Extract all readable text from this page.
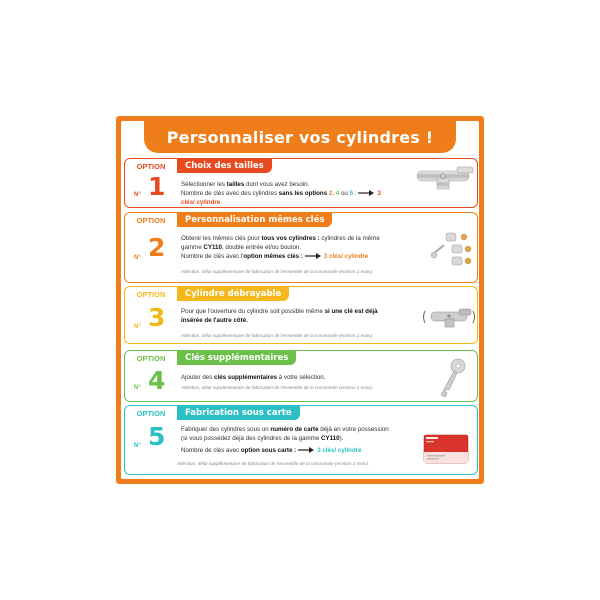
Personnaliser vos cylindres !
OPTION
N° 1
Choix des tailles
Sélectionner les tailles dont vous avez besoin.
Nombre de clés avec des cylindres sans les options 2, 4 ou 5 :	3 clés/ cylindre
OPTION
N° 2
Personnalisation mêmes clés
Obtenir les mêmes clés pour tous vos cylindres : cylindres de la même
gamme CY110, double entrée et/ou bouton.
Nombre de clés avec l'option mêmes clés :	3 clés/ cylindre
Attention, délai supplémentaire de fabrication de l'ensemble de la commande (environ 1 mois).
OPTION
N° 3
Cylindre débrayable
Pour que l'ouverture du cylindre soit possible même si une clé est déjà
insérée de l'autre côté.
Attention, délai supplémentaire de fabrication de l'ensemble de la commande (environ 1 mois).
OPTION
N° 4
Clés supplémentaires
Ajouter des clés supplémentaires à votre sélection.
Attention, délai supplémentaire de fabrication de l'ensemble de la commande (environ 1 mois).
OPTION
N° 5
Fabrication sous carte
Fabriquer des cylindres sous un numéro de carte déjà en votre possession
(si vous possédez déjà des cylindres de la gamme CY110).
Nombre de clés avec option sous carte :	3 clés/ cylindre
Attention, délai supplémentaire de fabrication de l'ensemble de la commande (environ 1 mois).
